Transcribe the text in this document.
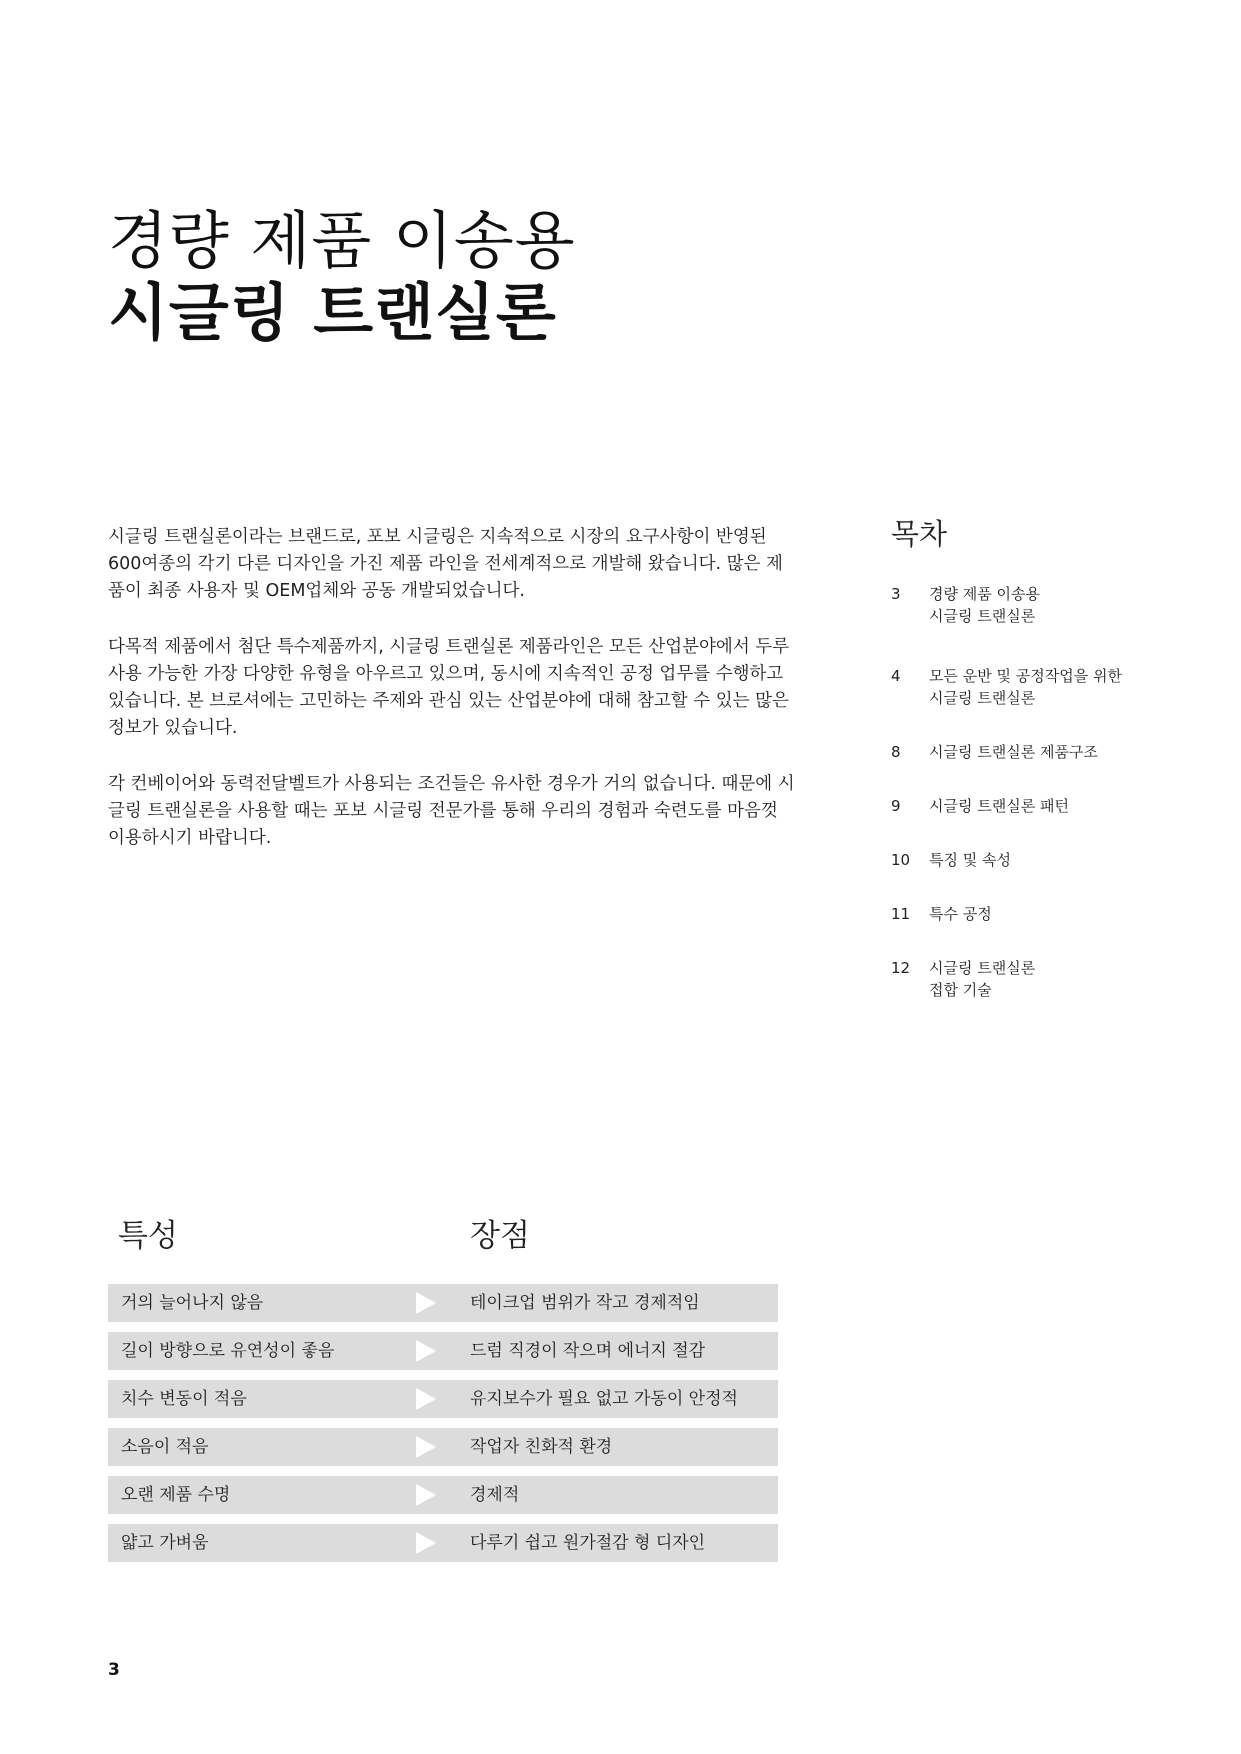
경량 제품 이송용
시글링 트랜실론

시글링 트랜실론이라는 브랜드로, 포보 시글링은 지속적으로 시장의 요구사항이 반영된 600여종의 각기 다른 디자인을 가진 제품 라인을 전세계적으로 개발해 왔습니다. 많은 제품이 최종 사용자 및 OEM업체와 공동 개발되었습니다.

다목적 제품에서 첨단 특수제품까지, 시글링 트랜실론 제품라인은 모든 산업분야에서 두루 사용 가능한 가장 다양한 유형을 아우르고 있으며, 동시에 지속적인 공정 업무를 수행하고 있습니다. 본 브로셔에는 고민하는 주제와 관심 있는 산업분야에 대해 참고할 수 있는 많은 정보가 있습니다.

각 컨베이어와 동력전달벨트가 사용되는 조건들은 유사한 경우가 거의 없습니다. 때문에 시글링 트랜실론을 사용할 때는 포보 시글링 전문가를 통해 우리의 경험과 숙련도를 마음껏 이용하시기 바랍니다.

목차
3 경량 제품 이송용
시글링 트랜실론
4 모든 운반 및 공정작업을 위한
시글링 트랜실론
8 시글링 트랜실론 제품구조
9 시글링 트랜실론 패턴
10 특징 및 속성
11 특수 공정
12 시글링 트랜실론
접합 기술
특성	장점
거의 늘어나지 않음	테이크업 범위가 작고 경제적임
길이 방향으로 유연성이 좋음	드럼 직경이 작으며 에너지 절감
치수 변동이 적음	유지보수가 필요 없고 가동이 안정적
소음이 적음	작업자 친화적 환경
오랜 제품 수명	경제적
얇고 가벼움	다루기 쉽고 원가절감 형 디자인
3
